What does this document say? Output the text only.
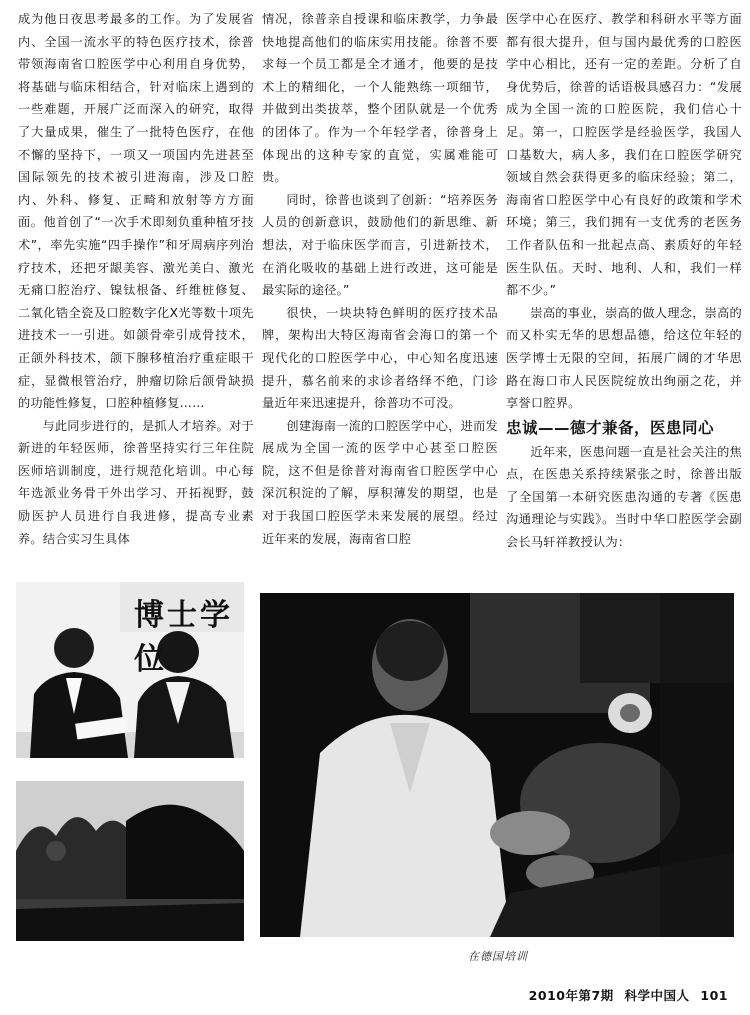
成为他日夜思考最多的工作。为了发展省内、全国一流水平的特色医疗技术，徐普带领海南省口腔医学中心利用自身优势，将基础与临床相结合，针对临床上遇到的一些难题，开展广泛而深入的研究，取得了大量成果，催生了一批特色医疗，在他不懈的坚持下，一项又一项国内先进甚至国际领先的技术被引进海南，涉及口腔内、外科、修复、正畸和放射等方方面面。他首创了“一次手术即刻负重种植牙技术”，率先实施“四手操作”和牙周病序列治疗技术，还把牙龈美容、激光美白、激光无痛口腔治疗、镍钛根备、纤维桩修复、二氧化锆全瓷及口腔数字化X光等数十项先进技术一一引进。如颌骨牵引成骨技术，正颌外科技术，颌下腺移植治疗重症眼干症，显微根管治疗，肿瘤切除后颌骨缺损的功能性修复，口腔种植修复……

与此同步进行的，是抓人才培养。对于新进的年轻医师，徐普坚持实行三年住院医师培训制度，进行规范化培训。中心每年选派业务骨干外出学习、开拓视野，鼓励医护人员进行自我进修，提高专业素养。结合实习生具体

情况，徐普亲自授课和临床教学，力争最快地提高他们的临床实用技能。徐普不要求每一个员工都是全才通才，他要的是技术上的精细化，一个人能熟练一项细节，并做到出类拔萃，整个团队就是一个优秀的团体了。作为一个年轻学者，徐普身上体现出的这种专家的直觉，实属难能可贵。

同时，徐普也谈到了创新：“培养医务人员的创新意识，鼓励他们的新思维、新想法，对于临床医学而言，引进新技术，在消化吸收的基础上进行改进，这可能是最实际的途径。”

很快，一块块特色鲜明的医疗技术品牌，架构出大特区海南省会海口的第一个现代化的口腔医学中心，中心知名度迅速提升，慕名前来的求诊者络绎不绝，门诊量近年来迅速提升，徐普功不可没。

创建海南一流的口腔医学中心，进而发展成为全国一流的医学中心甚至口腔医院，这不但是徐普对海南省口腔医学中心深沉积淀的了解，厚积薄发的期望，也是对于我国口腔医学未来发展的展望。经过近年来的发展，海南省口腔

医学中心在医疗、教学和科研水平等方面都有很大提升，但与国内最优秀的口腔医学中心相比，还有一定的差距。分析了自身优势后，徐普的话语极具感召力：“发展成为全国一流的口腔医院，我们信心十足。第一，口腔医学是经验医学，我国人口基数大，病人多，我们在口腔医学研究领域自然会获得更多的临床经验；第二，海南省口腔医学中心有良好的政策和学术环境；第三，我们拥有一支优秀的老医务工作者队伍和一批起点高、素质好的年轻医生队伍。天时、地利、人和，我们一样都不少。”

崇高的事业，崇高的做人理念，崇高的而又朴实无华的思想品德，给这位年轻的医学博士无限的空间，拓展广阔的才华思路在海口市人民医院绽放出绚丽之花，并享誉口腔界。

忠诚——德才兼备，医患同心

近年来，医患问题一直是社会关注的焦点，在医患关系持续紧张之时，徐普出版了全国第一本研究医患沟通的专著《医患沟通理论与实践》。当时中华口腔医学会副会长马轩祥教授认为：

博士学位
在德国培训
2010年第7期 科学中国人 101
